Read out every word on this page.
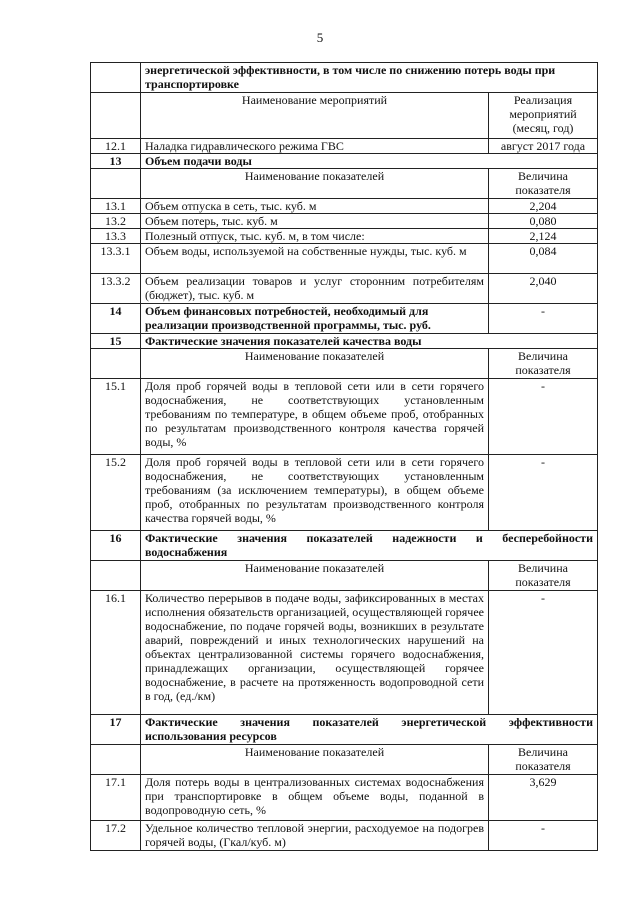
5
	энергетической эффективности, в том числе по снижению потерь воды при транспортировке	
	Наименование мероприятий	Реализация мероприятий (месяц, год)
12.1	Наладка гидравлического режима ГВС	август 2017 года
13	Объем подачи воды	
	Наименование показателей	Величина показателя
13.1	Объем отпуска в сеть, тыс. куб. м	2,204
13.2	Объем потерь, тыс. куб. м	0,080
13.3	Полезный отпуск, тыс. куб. м, в том числе:	2,124
13.3.1	Объем воды, используемой на собственные нужды, тыс. куб. м	0,084
13.3.2	Объем реализации товаров и услуг сторонним потребителям (бюджет), тыс. куб. м	2,040
14	Объем финансовых потребностей, необходимый для реализации производственной программы, тыс. руб.	-
15	Фактические значения показателей качества воды	
	Наименование показателей	Величина показателя
15.1	Доля проб горячей воды в тепловой сети или в сети горячего водоснабжения, не соответствующих установленным требованиям по температуре, в общем объеме проб, отобранных по результатам производственного контроля качества горячей воды, %	-
15.2	Доля проб горячей воды в тепловой сети или в сети горячего водоснабжения, не соответствующих установленным требованиям (за исключением температуры), в общем объеме проб, отобранных по результатам производственного контроля качества горячей воды, %	-
16	Фактические значения показателей надежности и бесперебойности водоснабжения	
	Наименование показателей	Величина показателя
16.1	Количество перерывов в подаче воды, зафиксированных в местах исполнения обязательств организацией, осуществляющей горячее водоснабжение, по подаче горячей воды, возникших в результате аварий, повреждений и иных технологических нарушений на объектах централизованной системы горячего водоснабжения, принадлежащих организации, осуществляющей горячее водоснабжение, в расчете на протяженность водопроводной сети в год, (ед./км)	-
17	Фактические значения показателей энергетической эффективности использования ресурсов	
	Наименование показателей	Величина показателя
17.1	Доля потерь воды в централизованных системах водоснабжения при транспортировке в общем объеме воды, поданной в водопроводную сеть, %	3,629
17.2	Удельное количество тепловой энергии, расходуемое на подогрев горячей воды, (Гкал/куб. м)	-
